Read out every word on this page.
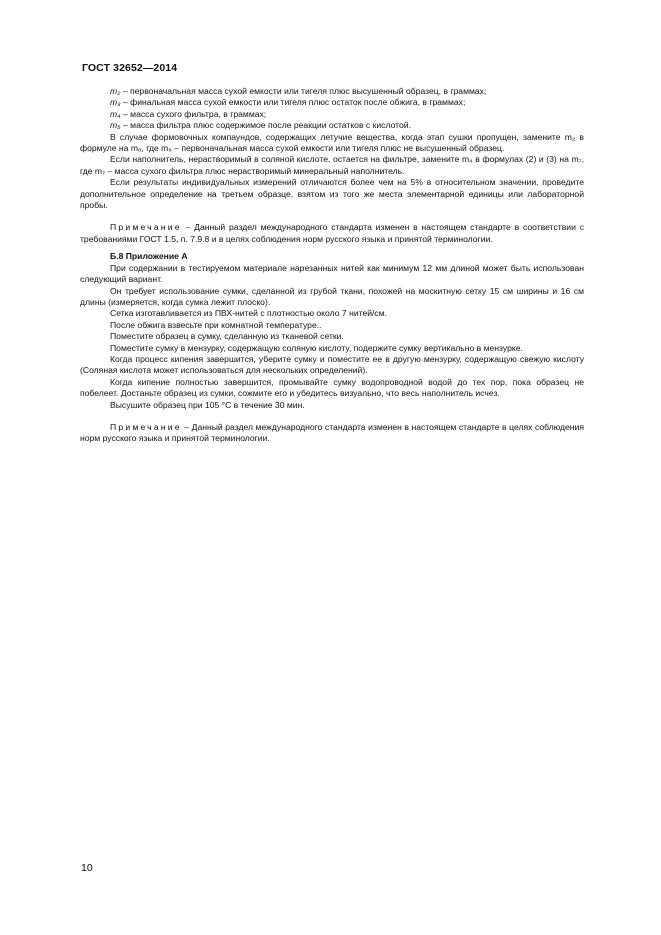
ГОСТ 32652—2014

m₂ – первоначальная масса сухой емкости или тигеля плюс высушенный образец, в граммах;

m₃ – финальная масса сухой емкости или тигеля плюс остаток после обжига, в граммах;

m₄ – масса сухого фильтра, в граммах;

m₅ – масса фильтра плюс содержимое после реакции остатков с кислотой.

В случае формовочных компаундов, содержащих летучие вещества, когда этап сушки пропущен, замените m₂ в формуле на m₆, где m₆ – первоначальная масса сухой емкости или тигеля плюс не высушенный образец.

Если наполнитель, нерастворимый в соляной кислоте, остается на фильтре, замените m₄ в формулах (2) и (3) на m₇, где m₇ – масса сухого фильтра плюс нерастворимый минеральный наполнитель.

Если результаты индивидуальных измерений отличаются более чем на 5% в относительном значении, проведите дополнительное определение на третьем образце, взятом из того же места элементарной единицы или лабораторной пробы.

Примечание – Данный раздел международного стандарта изменен в настоящем стандарте в соответствии с требованиями ГОСТ 1.5, п. 7.9.8 и в целях соблюдения норм русского языка и принятой терминологии.

Б.8 Приложение А

При содержании в тестируемом материале нарезанных нитей как минимум 12 мм длиной может быть использован следующий вариант.

Он требует использование сумки, сделанной из грубой ткани, похожей на москитную сетку 15 см ширины и 16 см длины (измеряется, когда сумка лежит плоско).

Сетка изготавливается из ПВХ-нитей с плотностью около 7 нитей/см.

После обжига взвесьте при комнатной температуре..

Поместите образец в сумку, сделанную из тканевой сетки.

Поместите сумку в мензурку, содержащую соляную кислоту, подержите сумку вертикально в мензурке.

Когда процесс кипения завершится, уберите сумку и поместите ее в другую мензурку, содержащую свежую кислоту (Соляная кислота может использоваться для нескольких определений).

Когда кипение полностью завершится, промывайте сумку водопроводной водой до тех пор, пока образец не побелеет. Достаньте образец из сумки, сожмите его и убедитесь визуально, что весь наполнитель исчез.

Высушите образец при 105 °C в течение 30 мин.

Примечание – Данный раздел международного стандарта изменен в настоящем стандарте в целях соблюдения норм русского языка и принятой терминологии.

10
